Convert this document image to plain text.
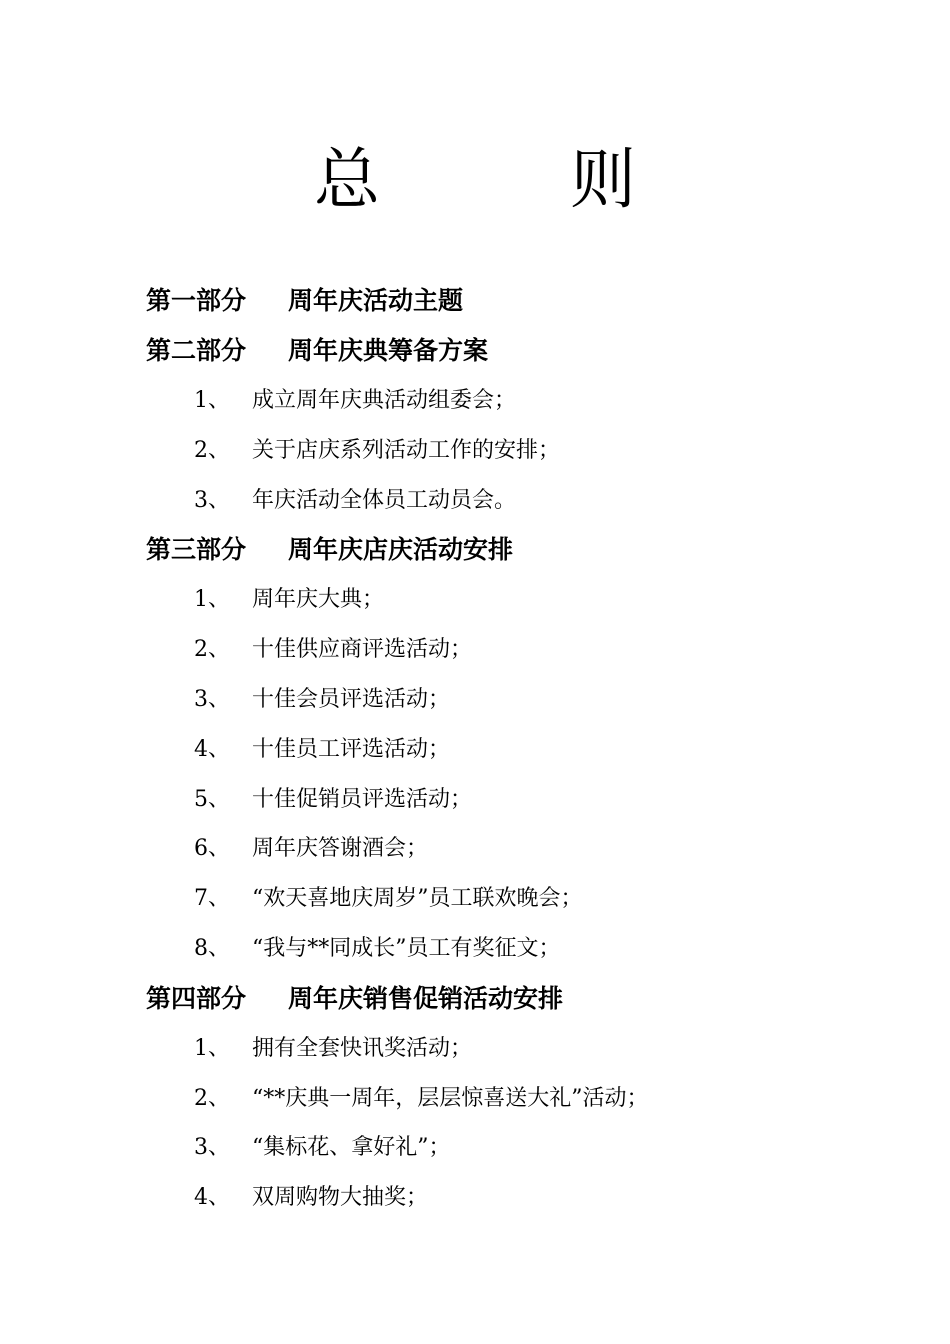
总　则
第一部分 周年庆活动主题
第二部分 周年庆典筹备方案
1、 成立周年庆典活动组委会；
2、 关于店庆系列活动工作的安排；
3、 年庆活动全体员工动员会。
第三部分 周年庆店庆活动安排
1、 周年庆大典；
2、 十佳供应商评选活动；
3、 十佳会员评选活动；
4、 十佳员工评选活动；
5、 十佳促销员评选活动；
6、 周年庆答谢酒会；
7、 “欢天喜地庆周岁”员工联欢晚会；
8、 “我与**同成长”员工有奖征文；
第四部分 周年庆销售促销活动安排
1、 拥有全套快讯奖活动；
2、 “**庆典一周年，层层惊喜送大礼”活动；
3、 “集标花、拿好礼”；
4、 双周购物大抽奖；
